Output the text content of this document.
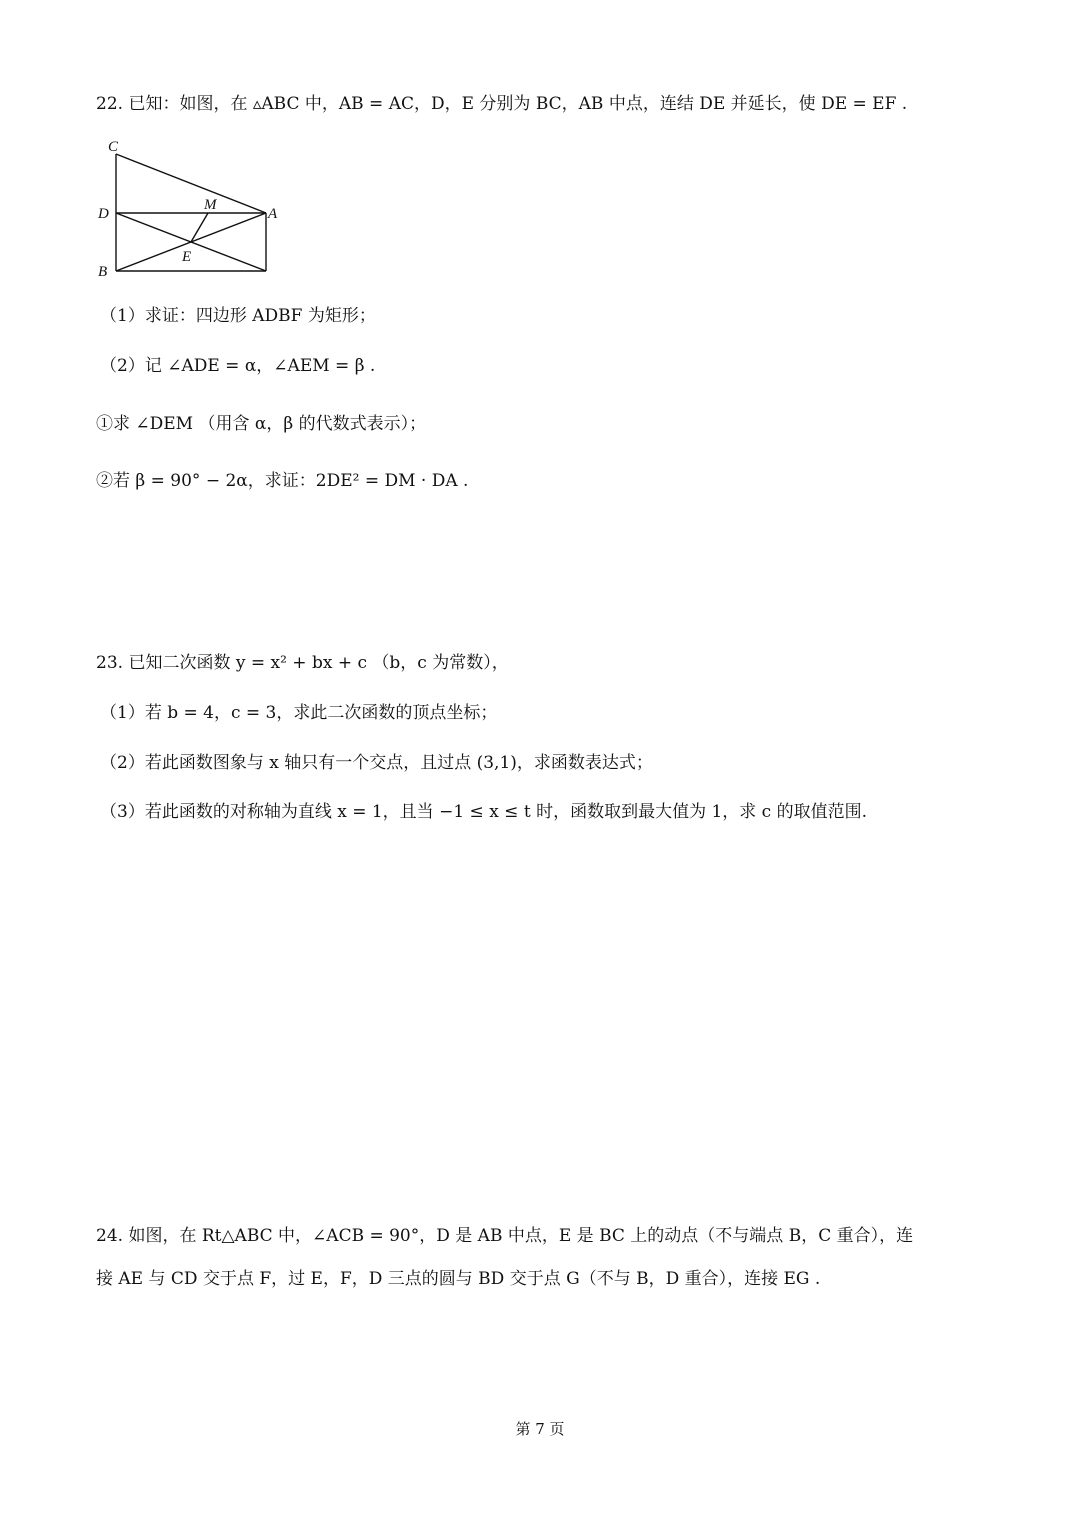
22. 已知：如图，在 ▵ABC 中，AB = AC，D，E 分别为 BC，AB 中点，连结 DE 并延长，使 DE = EF .
C
D
M
A
B
E
（1）求证：四边形 ADBF 为矩形；
（2）记 ∠ADE = α，∠AEM = β .
①求 ∠DEM （用含 α，β 的代数式表示）；
②若 β = 90° − 2α，求证：2DE² = DM · DA .
23. 已知二次函数 y = x² + bx + c （b，c 为常数），
（1）若 b = 4，c = 3，求此二次函数的顶点坐标；
（2）若此函数图象与 x 轴只有一个交点，且过点 (3,1)，求函数表达式；
（3）若此函数的对称轴为直线 x = 1，且当 −1 ≤ x ≤ t 时，函数取到最大值为 1，求 c 的取值范围.
24. 如图，在 Rt△ABC 中，∠ACB = 90°，D 是 AB 中点，E 是 BC 上的动点（不与端点 B，C 重合），连
接 AE 与 CD 交于点 F，过 E，F，D 三点的圆与 BD 交于点 G（不与 B，D 重合），连接 EG .
第 7 页
